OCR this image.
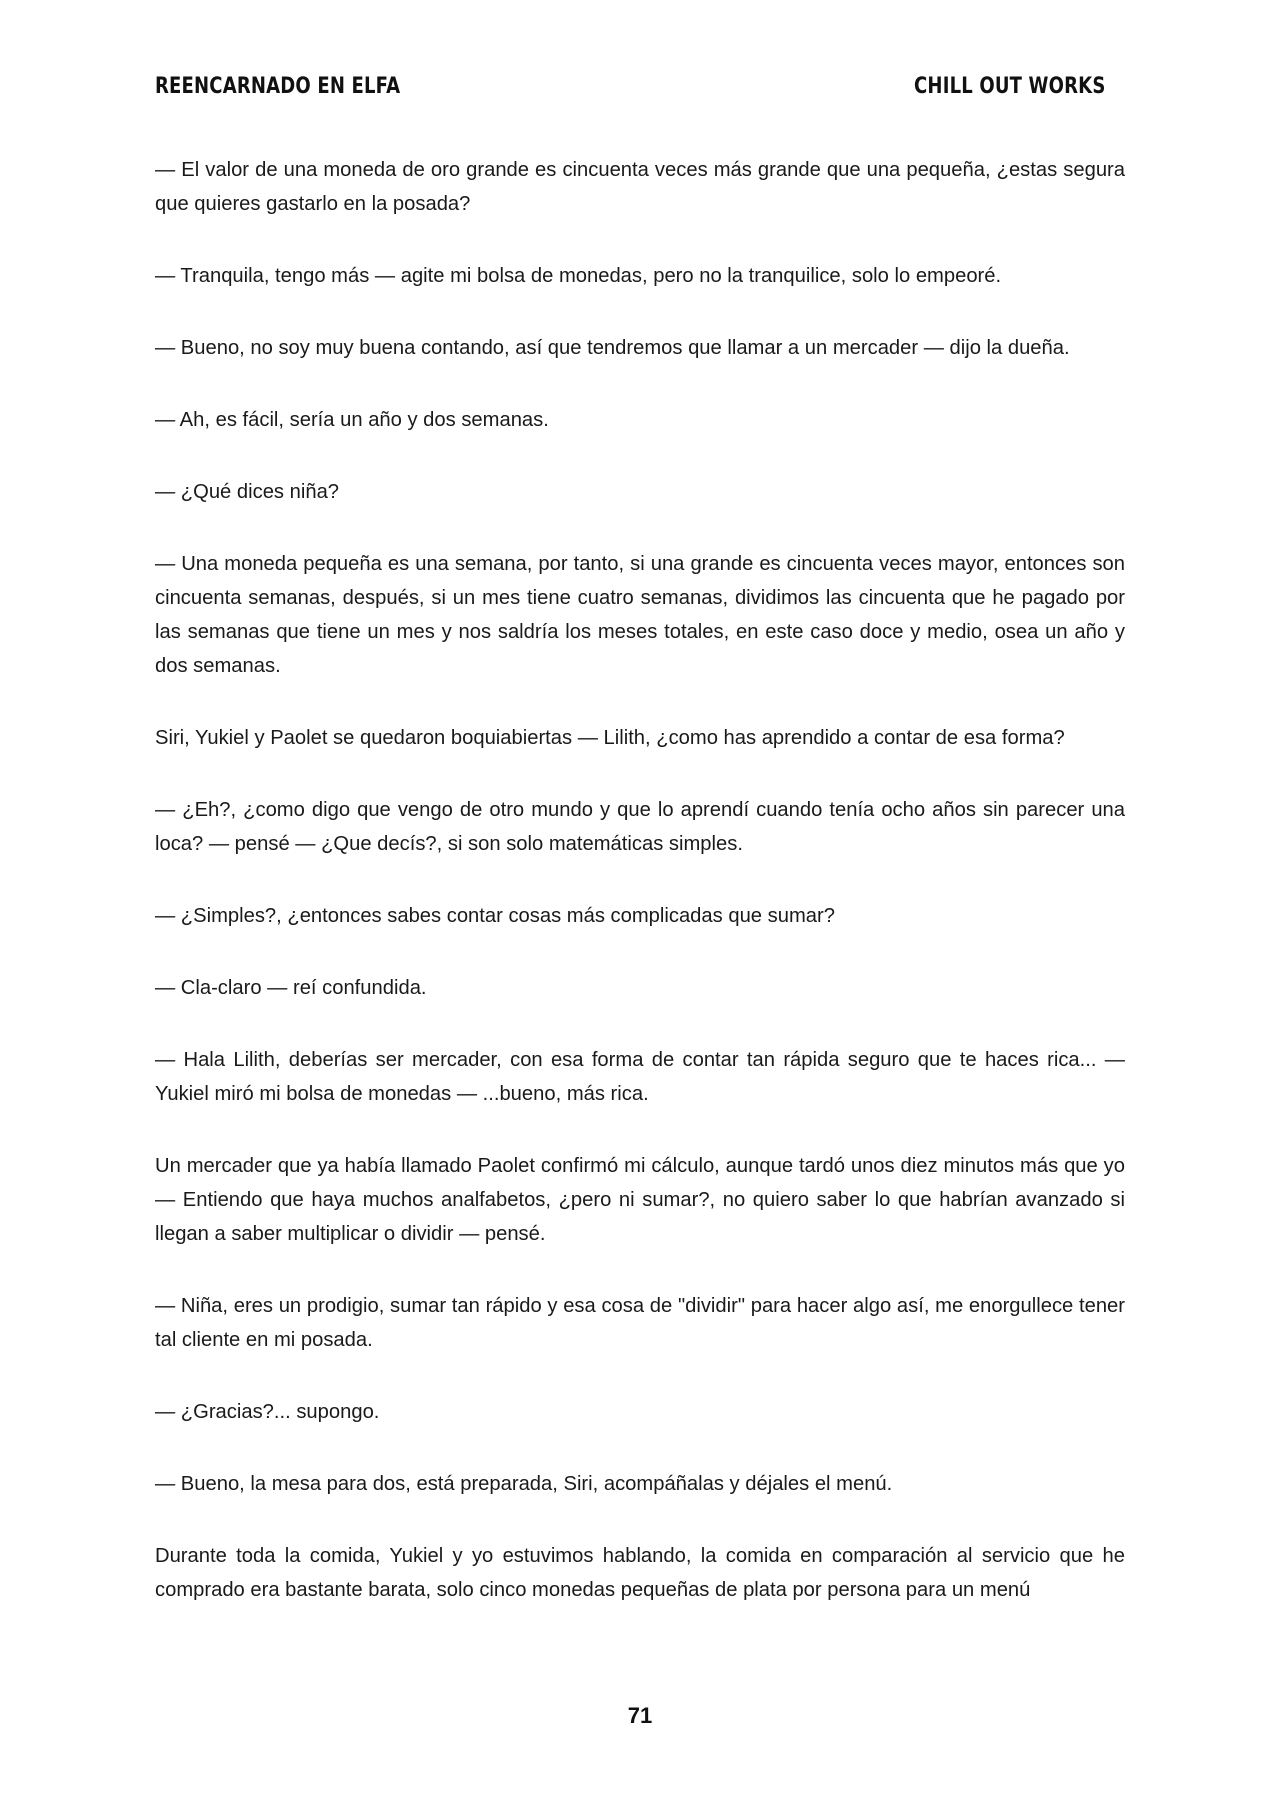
REENCARNADO EN ELFA	CHILL OUT WORKS

— El valor de una moneda de oro grande es cincuenta veces más grande que una pequeña, ¿estas segura que quieres gastarlo en la posada?

— Tranquila, tengo más — agite mi bolsa de monedas, pero no la tranquilice, solo lo empeoré.

— Bueno, no soy muy buena contando, así que tendremos que llamar a un mercader — dijo la dueña.

— Ah, es fácil, sería un año y dos semanas.

— ¿Qué dices niña?

— Una moneda pequeña es una semana, por tanto, si una grande es cincuenta veces mayor, entonces son cincuenta semanas, después, si un mes tiene cuatro semanas, dividimos las cincuenta que he pagado por las semanas que tiene un mes y nos saldría los meses totales, en este caso doce y medio, osea un año y dos semanas.

Siri, Yukiel y Paolet se quedaron boquiabiertas — Lilith, ¿como has aprendido a contar de esa forma?

— ¿Eh?, ¿como digo que vengo de otro mundo y que lo aprendí cuando tenía ocho años sin parecer una loca? — pensé — ¿Que decís?, si son solo matemáticas simples.

— ¿Simples?, ¿entonces sabes contar cosas más complicadas que sumar?

— Cla-claro — reí confundida.

— Hala Lilith, deberías ser mercader, con esa forma de contar tan rápida seguro que te haces rica... — Yukiel miró mi bolsa de monedas — ...bueno, más rica.

Un mercader que ya había llamado Paolet confirmó mi cálculo, aunque tardó unos diez minutos más que yo — Entiendo que haya muchos analfabetos, ¿pero ni sumar?, no quiero saber lo que habrían avanzado si llegan a saber multiplicar o dividir — pensé.

— Niña, eres un prodigio, sumar tan rápido y esa cosa de "dividir" para hacer algo así, me enorgullece tener tal cliente en mi posada.

— ¿Gracias?... supongo.

— Bueno, la mesa para dos, está preparada, Siri, acompáñalas y déjales el menú.

Durante toda la comida, Yukiel y yo estuvimos hablando, la comida en comparación al servicio que he comprado era bastante barata, solo cinco monedas pequeñas de plata por persona para un menú

71
